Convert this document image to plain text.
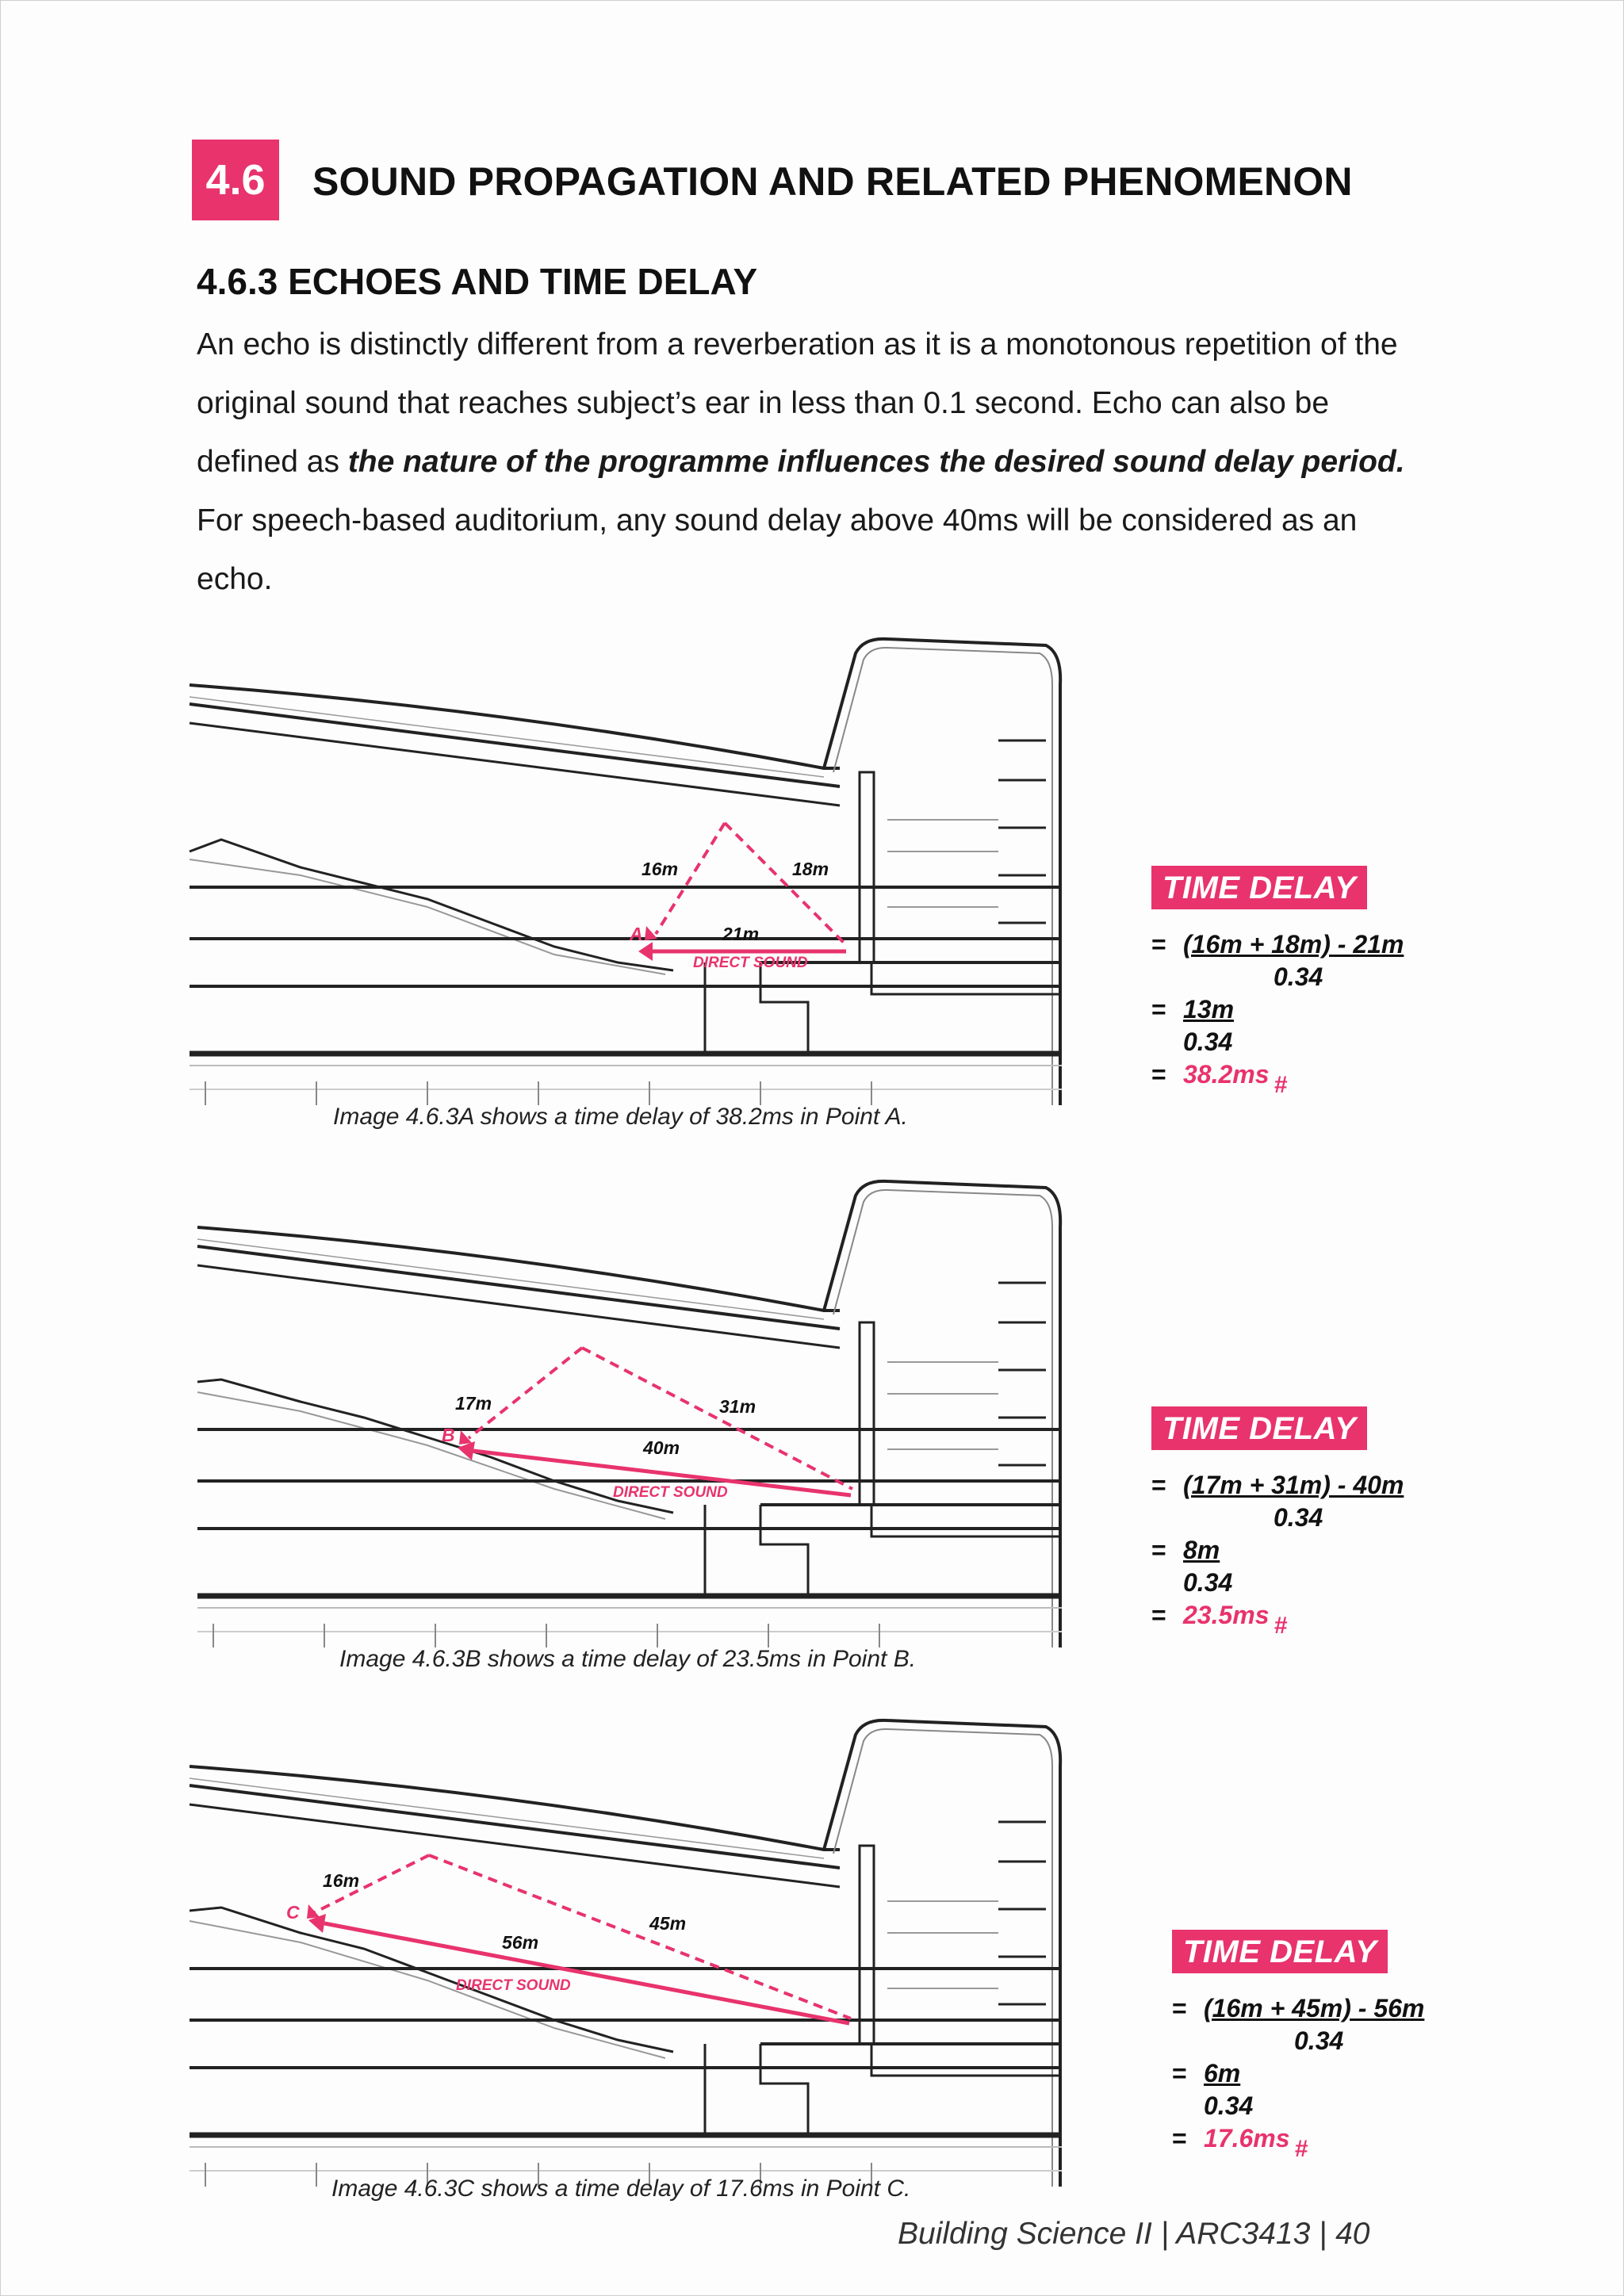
4.6	SOUND PROPAGATION AND RELATED PHENOMENON
4.6.3 ECHOES AND TIME DELAY
An echo is distinctly different from a reverberation as it is a monotonous repetition of the original sound that reaches subject’s ear in less than 0.1 second. Echo can also be defined as the nature of the programme influences the desired sound delay period. For speech-based auditorium, any sound delay above 40ms will be considered as an echo.
16m	18m
21m
A
DIRECT SOUND
Image 4.6.3A shows a time delay of 38.2ms in Point A.
TIME DELAY
= (16m + 18m) - 21m
0.34
= 13m
0.34
= 38.2ms #
17m	31m
40m
B
DIRECT SOUND
Image 4.6.3B shows a time delay of 23.5ms in Point B.
TIME DELAY
= (17m + 31m) - 40m
0.34
= 8m
0.34
= 23.5ms #
16m
45m
56m
C
DIRECT SOUND
Image 4.6.3C shows a time delay of 17.6ms in Point C.
TIME DELAY
= (16m + 45m) - 56m
0.34
= 6m
0.34
= 17.6ms #
Building Science II | ARC3413 | 40
